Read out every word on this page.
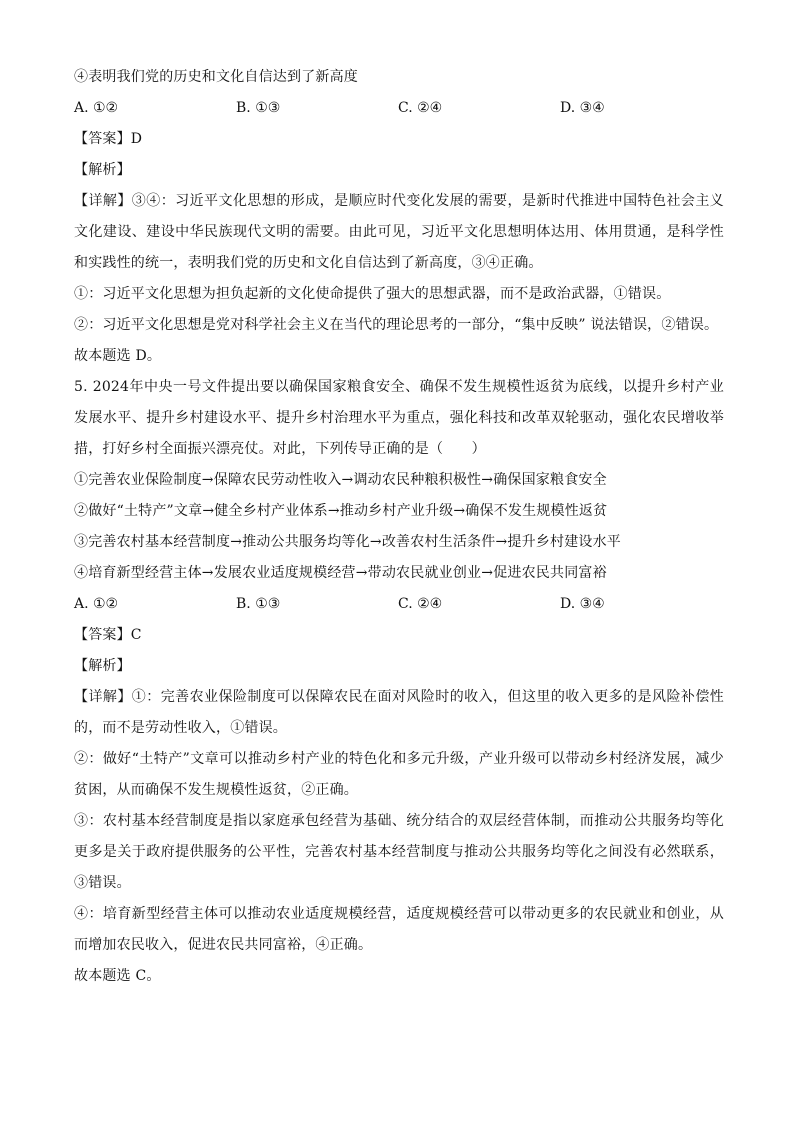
④表明我们党的历史和文化自信达到了新高度
A. ①②	B. ①③	C. ②④	D. ③④
【答案】D
【解析】
【详解】③④：习近平文化思想的形成，是顺应时代变化发展的需要，是新时代推进中国特色社会主义文化建设、建设中华民族现代文明的需要。由此可见，习近平文化思想明体达用、体用贯通，是科学性和实践性的统一，表明我们党的历史和文化自信达到了新高度，③④正确。
①：习近平文化思想为担负起新的文化使命提供了强大的思想武器，而不是政治武器，①错误。
②：习近平文化思想是党对科学社会主义在当代的理论思考的一部分，“集中反映” 说法错误，②错误。
故本题选 D。
5. 2024年中央一号文件提出要以确保国家粮食安全、确保不发生规模性返贫为底线，以提升乡村产业发展水平、提升乡村建设水平、提升乡村治理水平为重点，强化科技和改革双轮驱动，强化农民增收举措，打好乡村全面振兴漂亮仗。对此，下列传导正确的是（　　）
①完善农业保险制度→保障农民劳动性收入→调动农民种粮积极性→确保国家粮食安全
②做好“土特产”文章→健全乡村产业体系→推动乡村产业升级→确保不发生规模性返贫
③完善农村基本经营制度→推动公共服务均等化→改善农村生活条件→提升乡村建设水平
④培育新型经营主体→发展农业适度规模经营→带动农民就业创业→促进农民共同富裕
A. ①②	B. ①③	C. ②④	D. ③④
【答案】C
【解析】
【详解】①：完善农业保险制度可以保障农民在面对风险时的收入，但这里的收入更多的是风险补偿性的，而不是劳动性收入，①错误。
②：做好“土特产”文章可以推动乡村产业的特色化和多元升级，产业升级可以带动乡村经济发展，减少贫困，从而确保不发生规模性返贫，②正确。
③：农村基本经营制度是指以家庭承包经营为基础、统分结合的双层经营体制，而推动公共服务均等化更多是关于政府提供服务的公平性，完善农村基本经营制度与推动公共服务均等化之间没有必然联系，③错误。
④：培育新型经营主体可以推动农业适度规模经营，适度规模经营可以带动更多的农民就业和创业，从而增加农民收入，促进农民共同富裕，④正确。
故本题选 C。
